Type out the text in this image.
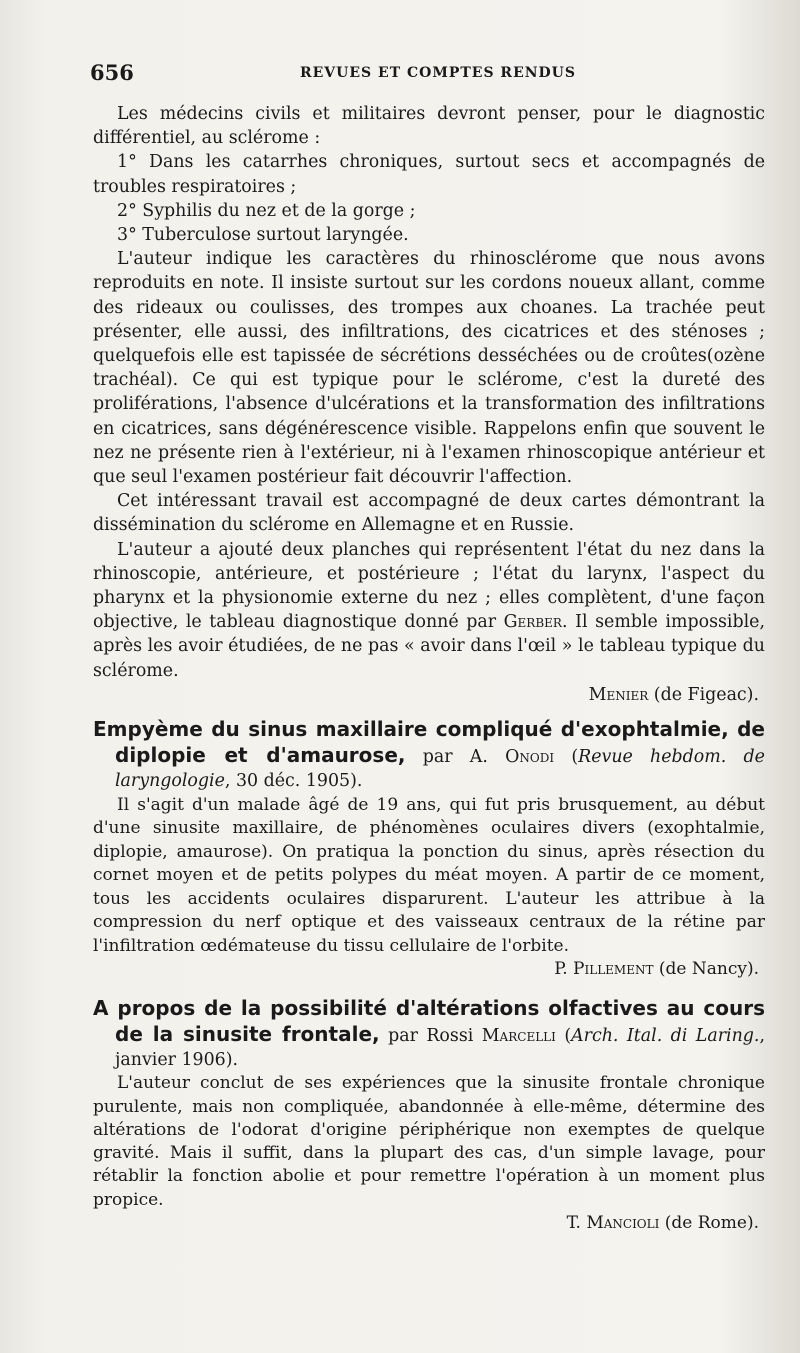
656	REVUES ET COMPTES RENDUS

Les médecins civils et militaires devront penser, pour le diagnostic différentiel, au sclérome :

1° Dans les catarrhes chroniques, surtout secs et accompagnés de troubles respiratoires ;

2° Syphilis du nez et de la gorge ;

3° Tuberculose surtout laryngée.

L'auteur indique les caractères du rhinosclérome que nous avons reproduits en note. Il insiste surtout sur les cordons noueux allant, comme des rideaux ou coulisses, des trompes aux choanes. La trachée peut présenter, elle aussi, des infiltrations, des cicatrices et des sténoses ; quelquefois elle est tapissée de sécrétions desséchées ou de croûtes(ozène trachéal). Ce qui est typique pour le sclérome, c'est la dureté des proliférations, l'absence d'ulcérations et la transformation des infiltrations en cicatrices, sans dégénérescence visible. Rappelons enfin que souvent le nez ne présente rien à l'extérieur, ni à l'examen rhinoscopique antérieur et que seul l'examen postérieur fait découvrir l'affection.

Cet intéressant travail est accompagné de deux cartes démontrant la dissémination du sclérome en Allemagne et en Russie.

L'auteur a ajouté deux planches qui représentent l'état du nez dans la rhinoscopie, antérieure, et postérieure ; l'état du larynx, l'aspect du pharynx et la physionomie externe du nez ; elles complètent, d'une façon objective, le tableau diagnostique donné par Gerber. Il semble impossible, après les avoir étudiées, de ne pas « avoir dans l'œil » le tableau typique du sclérome.

Menier (de Figeac).

Empyème du sinus maxillaire compliqué d'exophtalmie, de diplopie et d'amaurose, par A. Onodi (Revue hebdom. de laryngologie, 30 déc. 1905).

Il s'agit d'un malade âgé de 19 ans, qui fut pris brusquement, au début d'une sinusite maxillaire, de phénomènes oculaires divers (exophtalmie, diplopie, amaurose). On pratiqua la ponction du sinus, après résection du cornet moyen et de petits polypes du méat moyen. A partir de ce moment, tous les accidents oculaires disparurent. L'auteur les attribue à la compression du nerf optique et des vaisseaux centraux de la rétine par l'infiltration œdémateuse du tissu cellulaire de l'orbite.

P. Pillement (de Nancy).

A propos de la possibilité d'altérations olfactives au cours de la sinusite frontale, par Rossi Marcelli (Arch. Ital. di Laring., janvier 1906).

L'auteur conclut de ses expériences que la sinusite frontale chronique purulente, mais non compliquée, abandonnée à elle-même, détermine des altérations de l'odorat d'origine périphérique non exemptes de quelque gravité. Mais il suffit, dans la plupart des cas, d'un simple lavage, pour rétablir la fonction abolie et pour remettre l'opération à un moment plus propice.

T. Mancioli (de Rome).
